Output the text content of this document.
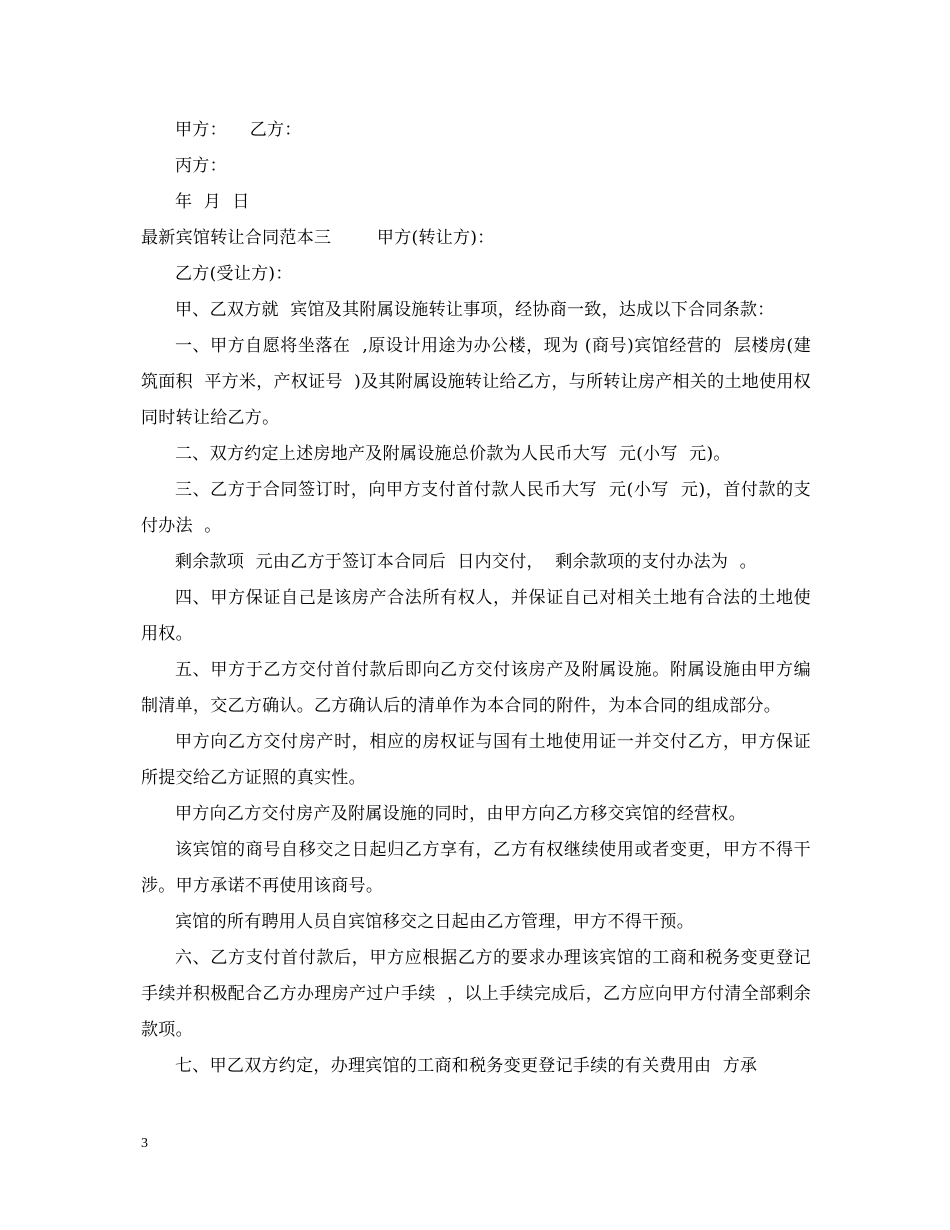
甲方：    乙方：

丙方：

年  月  日

最新宾馆转让合同范本三        甲方(转让方)：

乙方(受让方)：

甲、乙双方就  宾馆及其附属设施转让事项，经协商一致，达成以下合同条款：

一、甲方自愿将坐落在  ,原设计用途为办公楼，现为 (商号)宾馆经营的  层楼房(建筑面积  平方米，产权证号  )及其附属设施转让给乙方，与所转让房产相关的土地使用权同时转让给乙方。

二、双方约定上述房地产及附属设施总价款为人民币大写  元(小写  元)。

三、乙方于合同签订时，向甲方支付首付款人民币大写  元(小写  元)，首付款的支付办法  。

剩余款项  元由乙方于签订本合同后  日内交付，  剩余款项的支付办法为  。

四、甲方保证自己是该房产合法所有权人，并保证自己对相关土地有合法的土地使用权。

五、甲方于乙方交付首付款后即向乙方交付该房产及附属设施。附属设施由甲方编制清单，交乙方确认。乙方确认后的清单作为本合同的附件，为本合同的组成部分。

甲方向乙方交付房产时，相应的房权证与国有土地使用证一并交付乙方，甲方保证所提交给乙方证照的真实性。

甲方向乙方交付房产及附属设施的同时，由甲方向乙方移交宾馆的经营权。

该宾馆的商号自移交之日起归乙方享有，乙方有权继续使用或者变更，甲方不得干涉。甲方承诺不再使用该商号。

宾馆的所有聘用人员自宾馆移交之日起由乙方管理，甲方不得干预。

六、乙方支付首付款后，甲方应根据乙方的要求办理该宾馆的工商和税务变更登记手续并积极配合乙方办理房产过户手续  ，以上手续完成后，乙方应向甲方付清全部剩余款项。

七、甲乙双方约定，办理宾馆的工商和税务变更登记手续的有关费用由  方承

3
